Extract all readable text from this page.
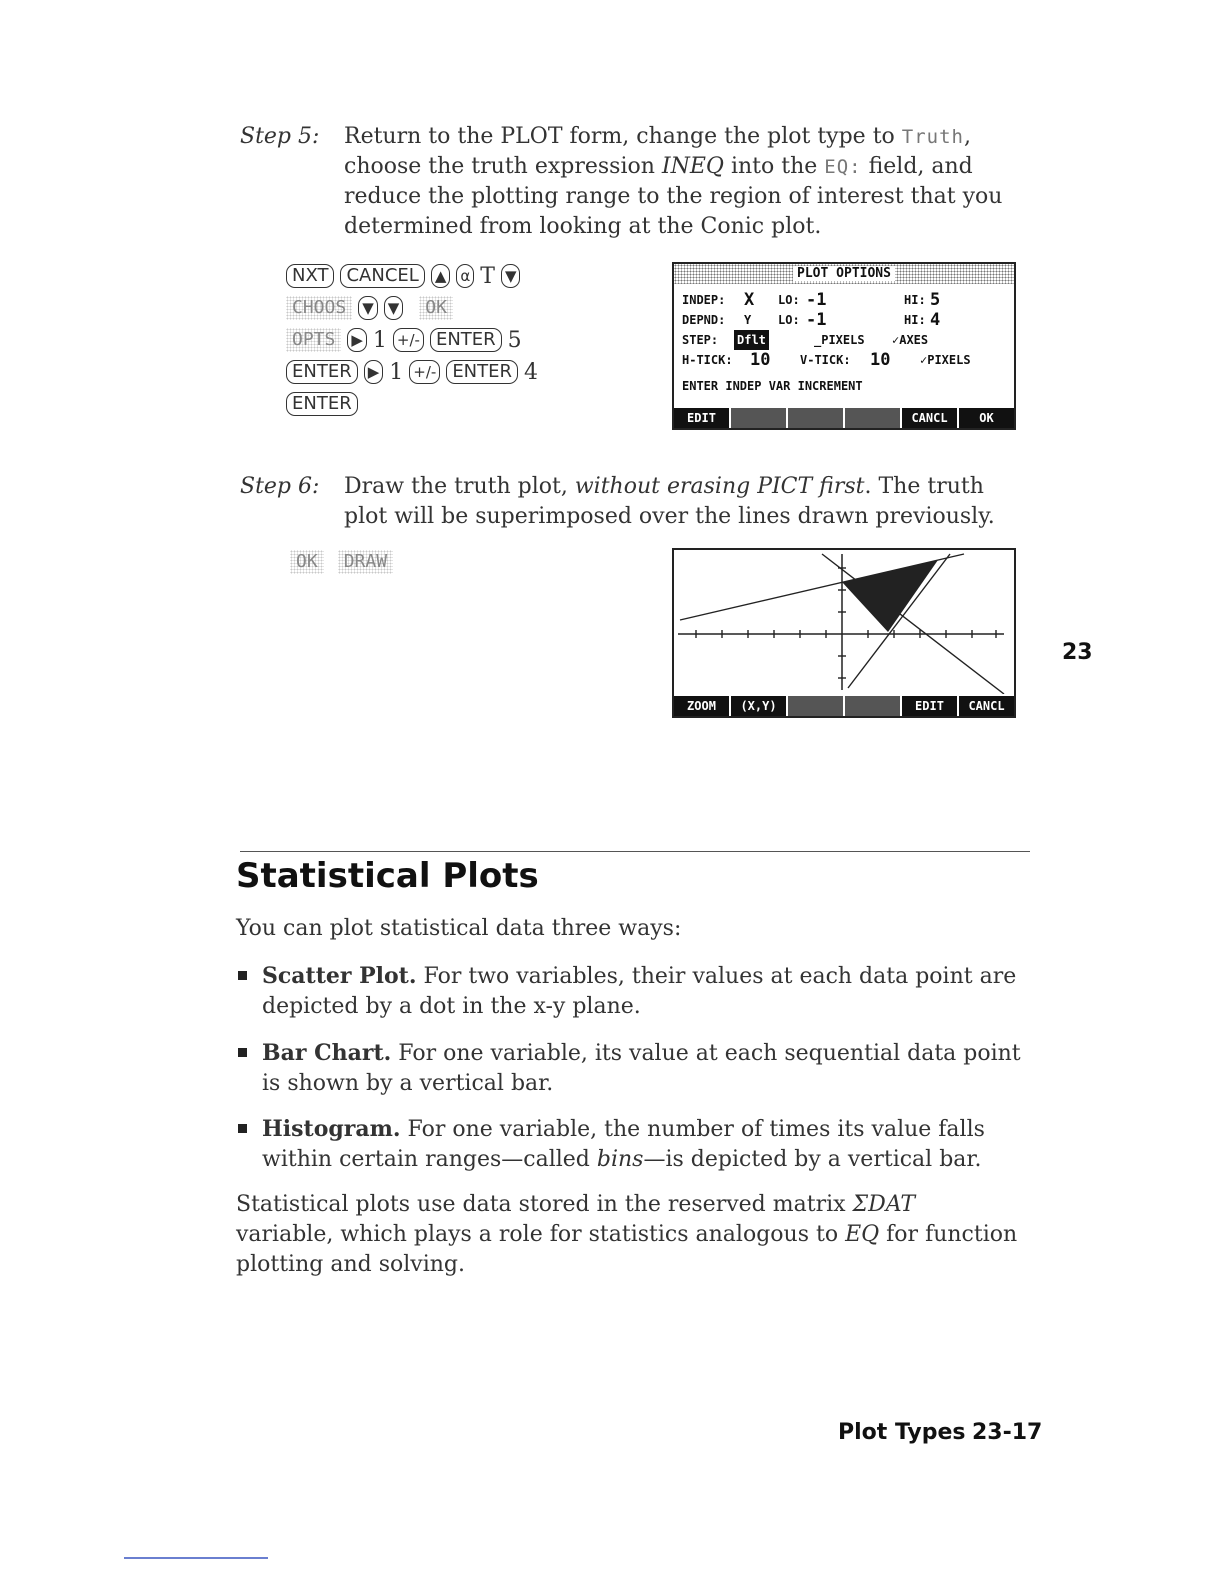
Step 5: Return to the PLOT form, change the plot type to Truth,
choose the truth expression INEQ into the EQ: field, and
reduce the plotting range to the region of interest that you
determined from looking at the Conic plot.
NXT	CANCEL	▲ α T ▼
CHOOS	▼ ▼	OK
OPTS	▶ 1 +/- ENTER 5
ENTER	▶ 1 +/- ENTER 4
ENTER
PLOT OPTIONS
INDEP: X LO: -1	HI: 5
DEPND: Y LO: -1	HI: 4
STEP: Dflt	_PIXELS ✓AXES
H-TICK: 10 V-TICK: 10 ✓PIXELS
ENTER INDEP VAR INCREMENT
EDIT	CANCL	OK
Step 6: Draw the truth plot, without erasing PICT first. The truth
plot will be superimposed over the lines drawn previously.
OK	DRAW
ZOOM	(X,Y)	EDIT	CANCL
23
Statistical Plots
You can plot statistical data three ways:
Scatter Plot. For two variables, their values at each data point are
depicted by a dot in the x-y plane.
Bar Chart. For one variable, its value at each sequential data point
is shown by a vertical bar.
Histogram. For one variable, the number of times its value falls
within certain ranges—called bins—is depicted by a vertical bar.
Statistical plots use data stored in the reserved matrix ΣDAT
variable, which plays a role for statistics analogous to EQ for function
plotting and solving.
Plot Types 23-17
